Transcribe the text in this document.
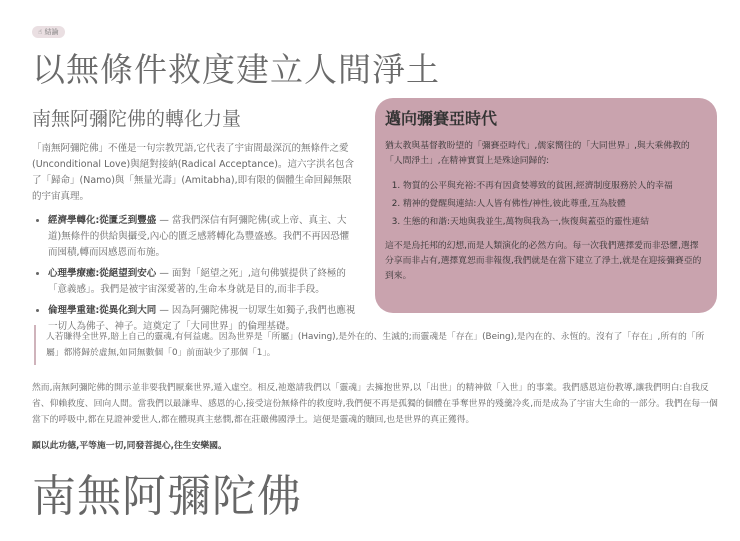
☝ 結論
以無條件救度建立人間淨土
南無阿彌陀佛的轉化力量

「南無阿彌陀佛」不僅是一句宗教咒語,它代表了宇宙間最深沉的無條件之愛(Unconditional Love)與絕對接納(Radical Acceptance)。這六字洪名包含了「歸命」(Namo)與「無量光壽」(Amitabha),即有限的個體生命回歸無限的宇宙真理。

• 經濟學轉化:從匱乏到豐盛 — 當我們深信有阿彌陀佛(或上帝、真主、大道)無條件的供給與攝受,內心的匱乏感將轉化為豐盛感。我們不再因恐懼而囤積,轉而因感恩而布施。
• 心理學療癒:從絕望到安心 — 面對「絕望之死」,這句佛號提供了終極的「意義感」。我們是被宇宙深愛著的,生命本身就是目的,而非手段。
• 倫理學重建:從異化到大同 — 因為阿彌陀佛視一切眾生如獨子,我們也應視一切人為佛子、神子。這奠定了「大同世界」的倫理基礎。
邁向彌賽亞時代

猶太教與基督教盼望的「彌賽亞時代」,儒家嚮往的「大同世界」,與大乘佛教的「人間淨土」,在精神實質上是殊途同歸的:

1. 物質的公平與充裕:不再有因貪婪導致的貧困,經濟制度服務於人的幸福
2. 精神的覺醒與連結:人人皆有佛性/神性,彼此尊重,互為肢體
3. 生態的和諧:天地與我並生,萬物與我為一,恢復與蓋亞的靈性連結

這不是烏托邦的幻想,而是人類演化的必然方向。每一次我們選擇愛而非恐懼,選擇分享而非占有,選擇寬恕而非報復,我們就是在當下建立了淨土,就是在迎接彌賽亞的到來。

人若賺得全世界,賠上自己的靈魂,有何益處。因為世界是「所屬」(Having),是外在的、生滅的;而靈魂是「存在」(Being),是內在的、永恆的。沒有了「存在」,所有的「所屬」都將歸於虛無,如同無數個「0」前面缺少了那個「1」。

然而,南無阿彌陀佛的開示並非要我們厭棄世界,遁入虛空。相反,祂邀請我們以「靈魂」去擁抱世界,以「出世」的精神做「入世」的事業。我們感恩這份教導,讓我們明白:自我反省、仰賴救度、回向人間。當我們以最謙卑、感恩的心,接受這份無條件的救度時,我們便不再是孤獨的個體在爭奪世界的殘羹冷炙,而是成為了宇宙大生命的一部分。我們在每一個當下的呼吸中,都在見證神愛世人,都在體現真主慈憫,都在莊嚴佛國淨土。這便是靈魂的贖回,也是世界的真正獲得。

願以此功德,平等施一切,同發菩提心,往生安樂國。

南無阿彌陀佛
